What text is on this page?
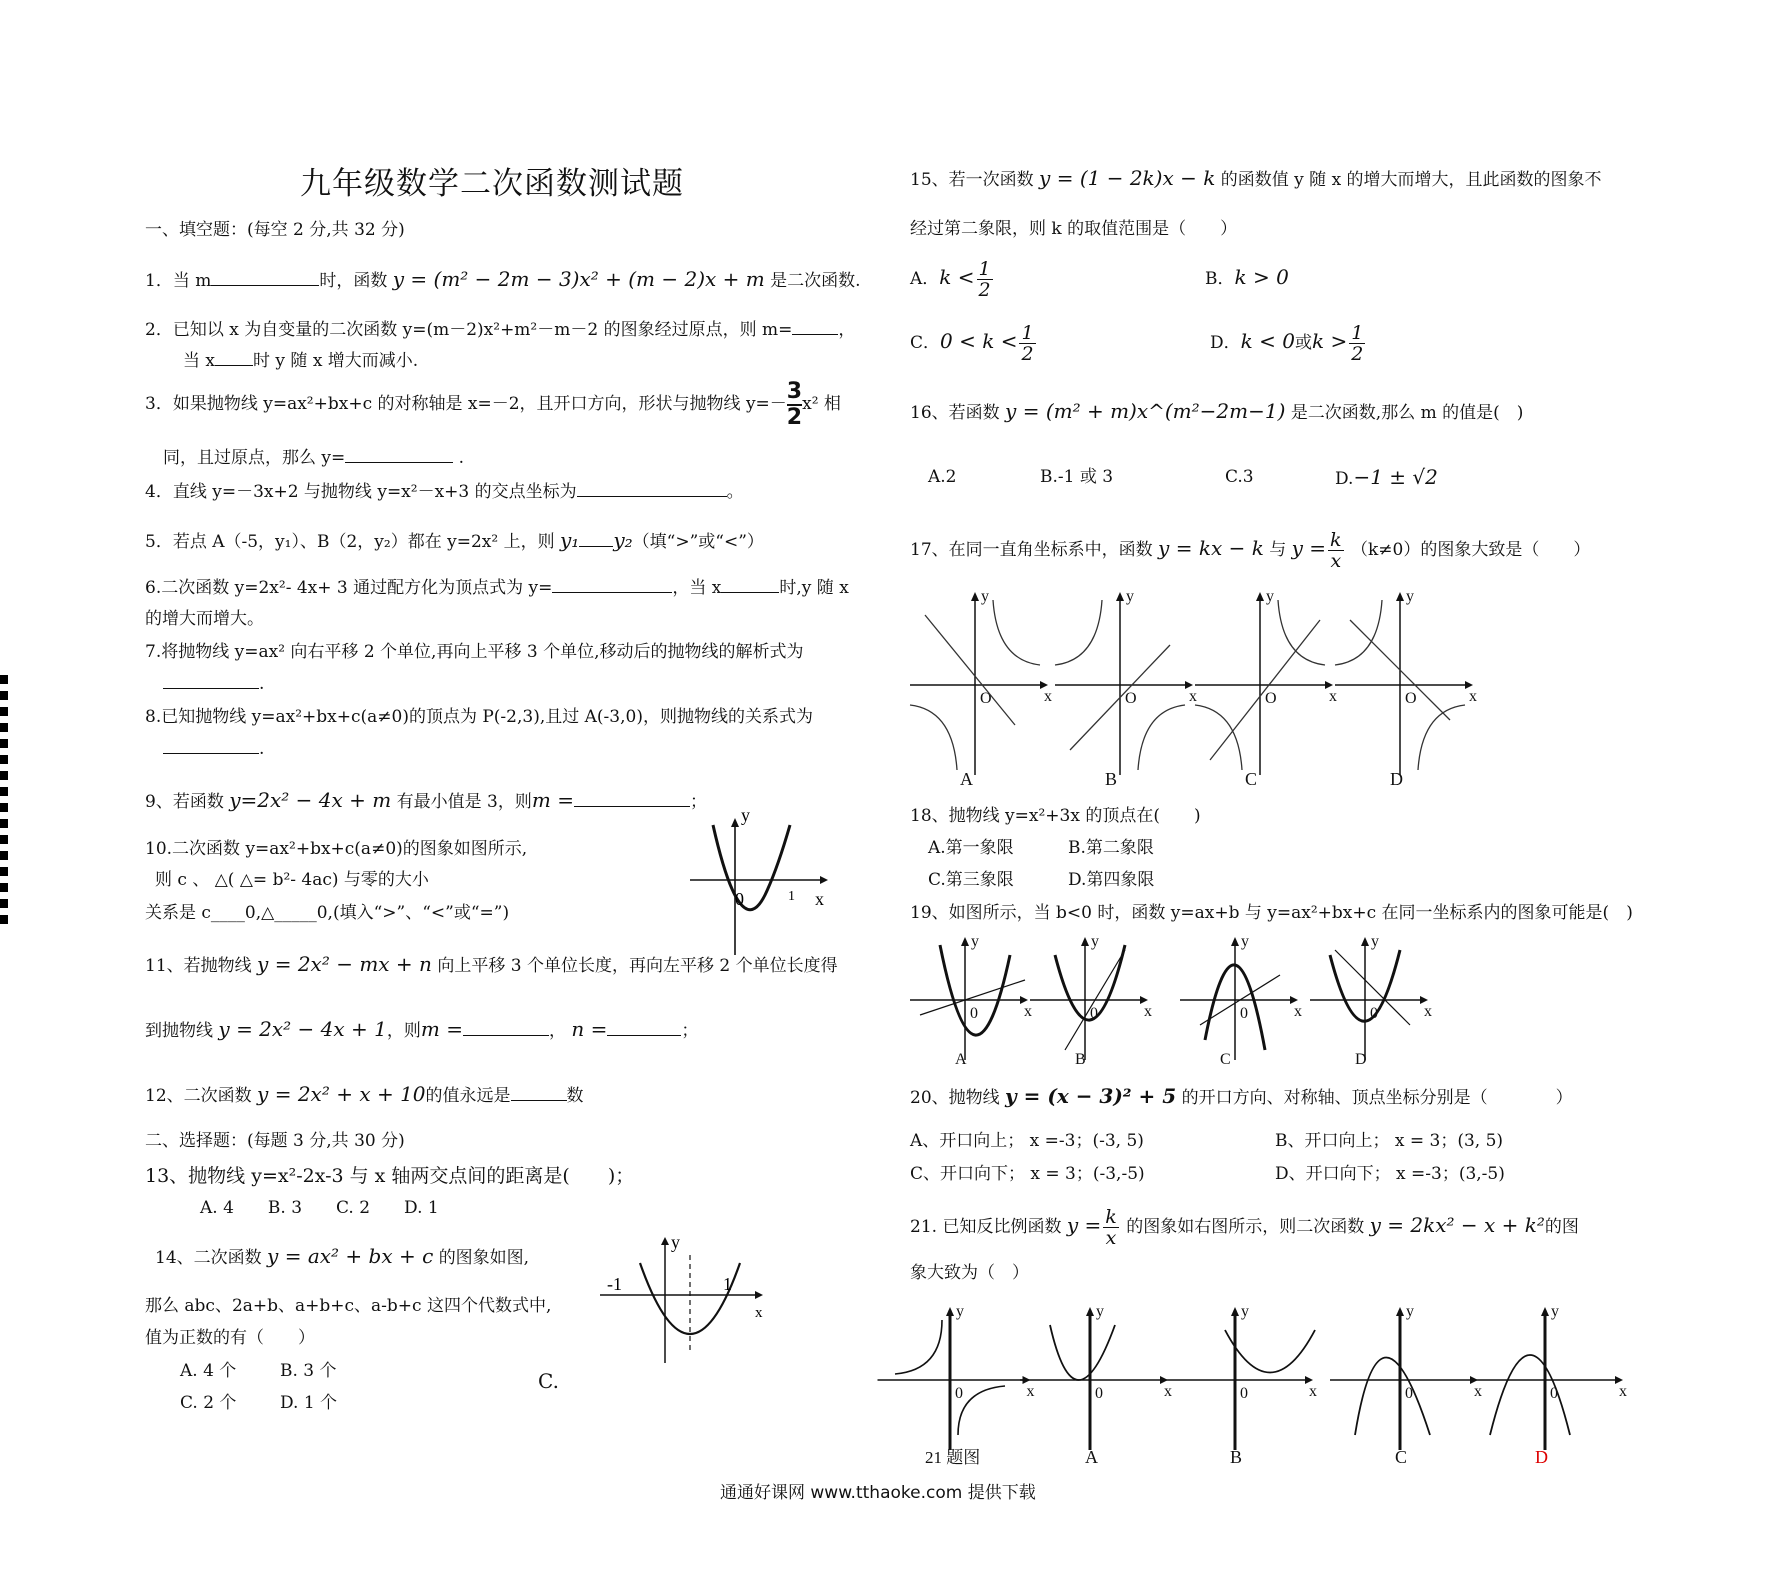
九年级数学二次函数测试题
一、填空题：(每空 2 分,共 32 分)
1．当 m	时，函数 y = (m² − 2m − 3)x² + (m − 2)x + m 是二次函数.
2．已知以 x 为自变量的二次函数 y=(m－2)x²+m²－m－2 的图象经过原点，则 m=	，
当 x 时 y 随 x 增大而减小.
3．如果抛物线 y=ax²+bx+c 的对称轴是 x=－2，且开口方向，形状与抛物线 $y=- \frac{3}{2}x^2$ 相
同，且过原点，那么 y=	.
4．直线 y=－3x+2 与抛物线 y=x²－x+3 的交点坐标为	。
5．若点 A（-5，y₁）、B（2，y₂）都在 y=2x² 上，则 y₁ y₂（填“>”或“<”）
6.二次函数 y=2x²- 4x+ 3 通过配方化为顶点式为 y=	，当 x	时,y 随 x
的增大而增大。
7.将抛物线 y=ax² 向右平移 2 个单位,再向上平移 3 个单位,移动后的抛物线的解析式为
.
8.已知抛物线 y=ax²+bx+c(a≠0)的顶点为 P(-2,3),且过 A(-3,0)，则抛物线的关系式为
.
9、若函数 y=2x² − 4x + m 有最小值是 3，则m =	；
10.二次函数 y=ax²+bx+c(a≠0)的图象如图所示,
则 c 、 △( △= b²- 4ac) 与零的大小
关系是 c____0,△_____0,(填入“>”、“<”或“=”)
y
x
0	1
11、若抛物线 y = 2x² − mx + n 向上平移 3 个单位长度，再向左平移 2 个单位长度得
到抛物线 y = 2x² − 4x + 1，则m =	， n =	；
12、二次函数 y = 2x² + x + 10的值永远是	数
二、选择题：(每题 3 分,共 30 分)
13、抛物线 y=x²-2x-3 与 x 轴两交点间的距离是(   )；
A. 4　　B. 3　　C. 2　　D. 1
14、二次函数 y = ax² + bx + c 的图象如图,
那么 abc、2a+b、a+b+c、a-b+c 这四个代数式中,
值为正数的有（　　）
A. 4 个	B. 3 个
C. 2 个	D. 1 个
C.
y
x
-1	1
15、若一次函数 y = (1 − 2k)x − k 的函数值 y 随 x 的增大而增大，且此函数的图象不
经过第二象限，则 k 的取值范围是（　　）
A．$k < \frac{1}{2}$	B．k > 0
C．$0 < k < \frac{1}{2}$	D．k < 0或$k > \frac{1}{2}$
16、若函数 y = (m² + m)x^(m²−2m−1) 是二次函数,那么 m 的值是(　)
A.2	B.-1 或 3	C.3	D.−1 ± √2
17、在同一直角坐标系中，函数 y = kx − k 与 $y = \frac{k}{x} (k\ne 0)$的图象大致是（　　）
x
y
O
A
x
y
O
B
x
y
O
C
x
y
O
D
18、抛物线 y=x²+3x 的顶点在(　　)
A.第一象限	B.第二象限
C.第三象限	D.第四象限
19、如图所示，当 b<0 时，函数 y=ax+b 与 y=ax²+bx+c 在同一坐标系内的图象可能是(　)
x
y
0
A
x
y
0
B
x
y
0
C
x
y
0
D
20、抛物线 y = (x − 3)² + 5 的开口方向、对称轴、顶点坐标分别是（　　　　）
A、开口向上； x =-3；(-3, 5)	B、开口向上； x = 3；(3, 5)
C、开口向下； x = 3；(-3,-5)	D、开口向下； x =-3；(3,-5)
21. 已知反比例函数 $y = \frac{k}{x}$ 的图象如右图所示，则二次函数 y = 2kx² − x + k²的图
象大致为（　）
x
y
0
21 题图
x
y
0
A
x
y
0
B
x
y
0
C
x
y
0
D
通通好课网 www.tthaoke.com 提供下载
